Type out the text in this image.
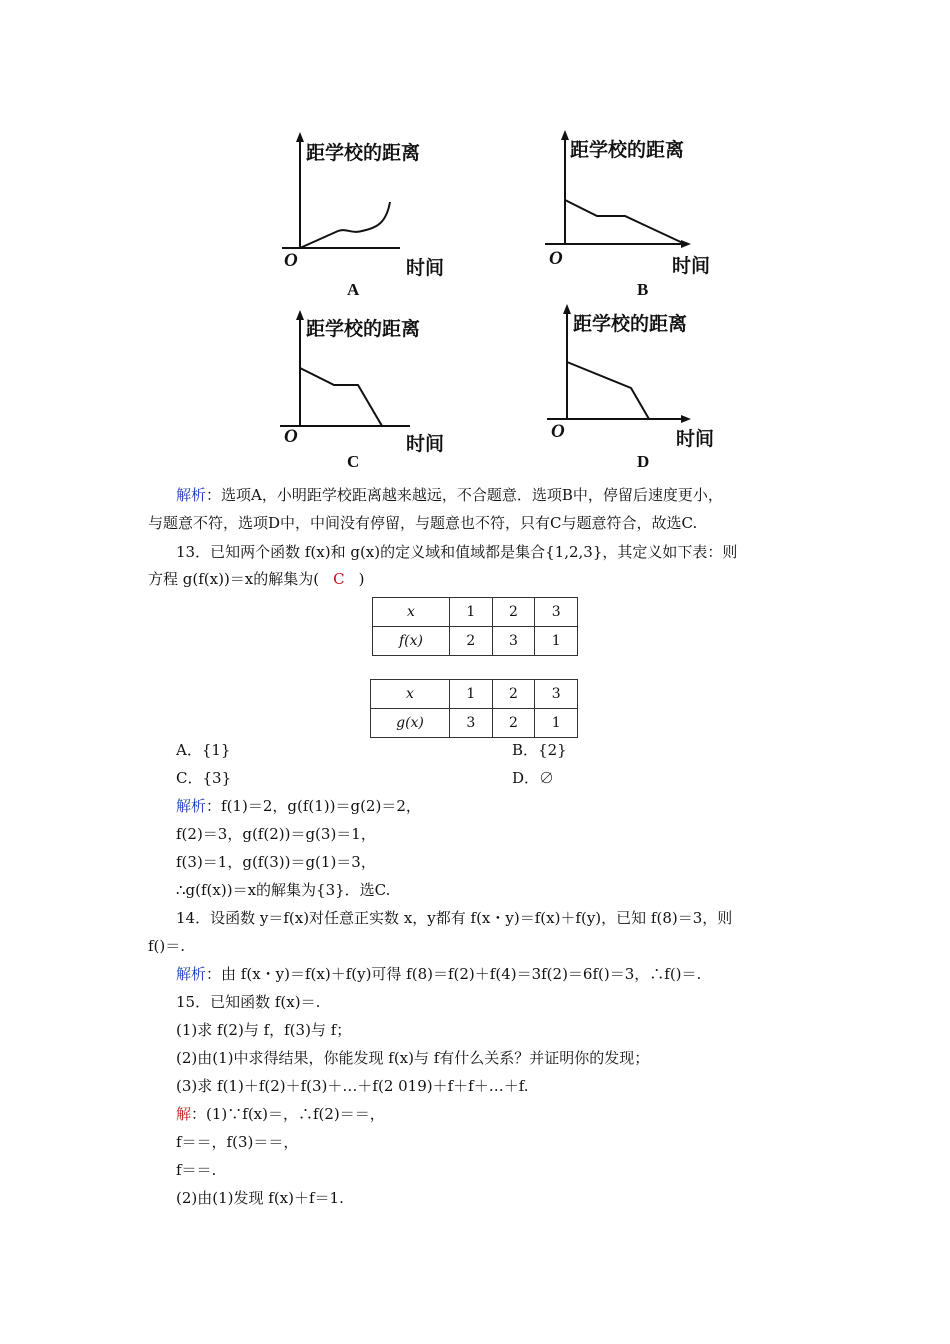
距学校的距离
O	时间
A
距学校的距离
O	时间
B
距学校的距离
O	时间
C
距学校的距离
O	时间
D
解析：选项A，小明距学校距离越来越远，不合题意．选项B中，停留后速度更小，
与题意不符，选项D中，中间没有停留，与题意也不符，只有C与题意符合，故选C.
13．已知两个函数 f(x)和 g(x)的定义域和值域都是集合{1,2,3}，其定义如下表：则
方程 g(f(x))＝x的解集为( C )
x	1	2	3
f(x)	2	3	1
x	1	2	3
g(x)	3	2	1
A．{1}	B．{2}
C．{3}	D．∅
解析：f(1)＝2，g(f(1))＝g(2)＝2，
f(2)＝3，g(f(2))＝g(3)＝1，
f(3)＝1，g(f(3))＝g(1)＝3，
∴g(f(x))＝x的解集为{3}．选C.
14．设函数 y＝f(x)对任意正实数 x，y都有 f(x・y)＝f(x)＋f(y)，已知 f(8)＝3，则
f()＝.
解析：由 f(x・y)＝f(x)＋f(y)可得 f(8)＝f(2)＋f(4)＝3f(2)＝6f()＝3，∴f()＝.
15．已知函数 f(x)＝.
(1)求 f(2)与 f，f(3)与 f；
(2)由(1)中求得结果，你能发现 f(x)与 f有什么关系？并证明你的发现；
(3)求 f(1)＋f(2)＋f(3)＋…＋f(2 019)＋f＋f＋…＋f.
解：(1)∵f(x)＝，∴f(2)＝＝，
f＝＝，f(3)＝＝，
f＝＝.
(2)由(1)发现 f(x)＋f＝1.
